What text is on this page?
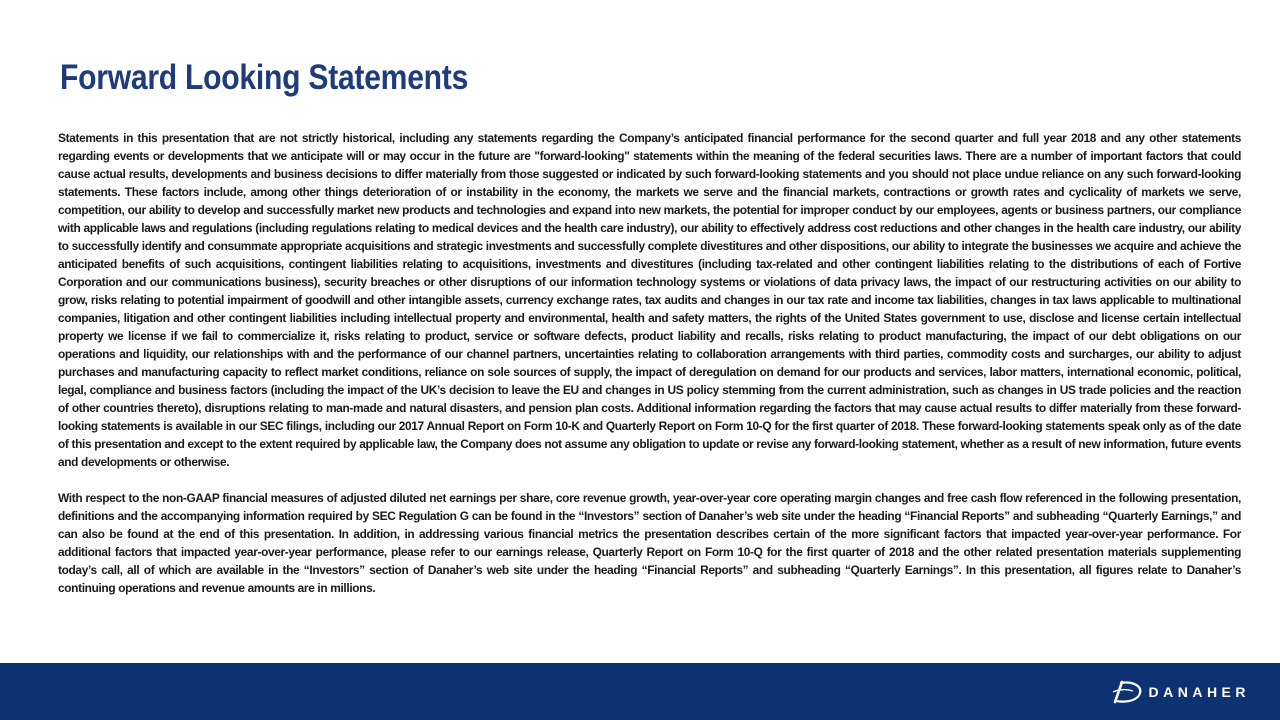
Forward Looking Statements

Statements in this presentation that are not strictly historical, including any statements regarding the Company’s anticipated financial performance for the second quarter and full year 2018 and any other statements regarding events or developments that we anticipate will or may occur in the future are "forward-looking" statements within the meaning of the federal securities laws. There are a number of important factors that could cause actual results, developments and business decisions to differ materially from those suggested or indicated by such forward-looking statements and you should not place undue reliance on any such forward-looking statements. These factors include, among other things deterioration of or instability in the economy, the markets we serve and the financial markets, contractions or growth rates and cyclicality of markets we serve, competition, our ability to develop and successfully market new products and technologies and expand into new markets, the potential for improper conduct by our employees, agents or business partners, our compliance with applicable laws and regulations (including regulations relating to medical devices and the health care industry), our ability to effectively address cost reductions and other changes in the health care industry, our ability to successfully identify and consummate appropriate acquisitions and strategic investments and successfully complete divestitures and other dispositions, our ability to integrate the businesses we acquire and achieve the anticipated benefits of such acquisitions, contingent liabilities relating to acquisitions, investments and divestitures (including tax-related and other contingent liabilities relating to the distributions of each of Fortive Corporation and our communications business), security breaches or other disruptions of our information technology systems or violations of data privacy laws, the impact of our restructuring activities on our ability to grow, risks relating to potential impairment of goodwill and other intangible assets, currency exchange rates, tax audits and changes in our tax rate and income tax liabilities, changes in tax laws applicable to multinational companies, litigation and other contingent liabilities including intellectual property and environmental, health and safety matters, the rights of the United States government to use, disclose and license certain intellectual property we license if we fail to commercialize it, risks relating to product, service or software defects, product liability and recalls, risks relating to product manufacturing, the impact of our debt obligations on our operations and liquidity, our relationships with and the performance of our channel partners, uncertainties relating to collaboration arrangements with third parties, commodity costs and surcharges, our ability to adjust purchases and manufacturing capacity to reflect market conditions, reliance on sole sources of supply, the impact of deregulation on demand for our products and services, labor matters, international economic, political, legal, compliance and business factors (including the impact of the UK’s decision to leave the EU and changes in US policy stemming from the current administration, such as changes in US trade policies and the reaction of other countries thereto), disruptions relating to man-made and natural disasters, and pension plan costs. Additional information regarding the factors that may cause actual results to differ materially from these forward-looking statements is available in our SEC filings, including our 2017 Annual Report on Form 10-K and Quarterly Report on Form 10-Q for the first quarter of 2018. These forward-looking statements speak only as of the date of this presentation and except to the extent required by applicable law, the Company does not assume any obligation to update or revise any forward-looking statement, whether as a result of new information, future events and developments or otherwise.

With respect to the non-GAAP financial measures of adjusted diluted net earnings per share, core revenue growth, year-over-year core operating margin changes and free cash flow referenced in the following presentation, definitions and the accompanying information required by SEC Regulation G can be found in the “Investors” section of Danaher’s web site under the heading “Financial Reports” and subheading “Quarterly Earnings,” and can also be found at the end of this presentation. In addition, in addressing various financial metrics the presentation describes certain of the more significant factors that impacted year-over-year performance. For additional factors that impacted year-over-year performance, please refer to our earnings release, Quarterly Report on Form 10-Q for the first quarter of 2018 and the other related presentation materials supplementing today’s call, all of which are available in the “Investors” section of Danaher’s web site under the heading “Financial Reports” and subheading “Quarterly Earnings”. In this presentation, all figures relate to Danaher’s continuing operations and revenue amounts are in millions.

DANAHER
